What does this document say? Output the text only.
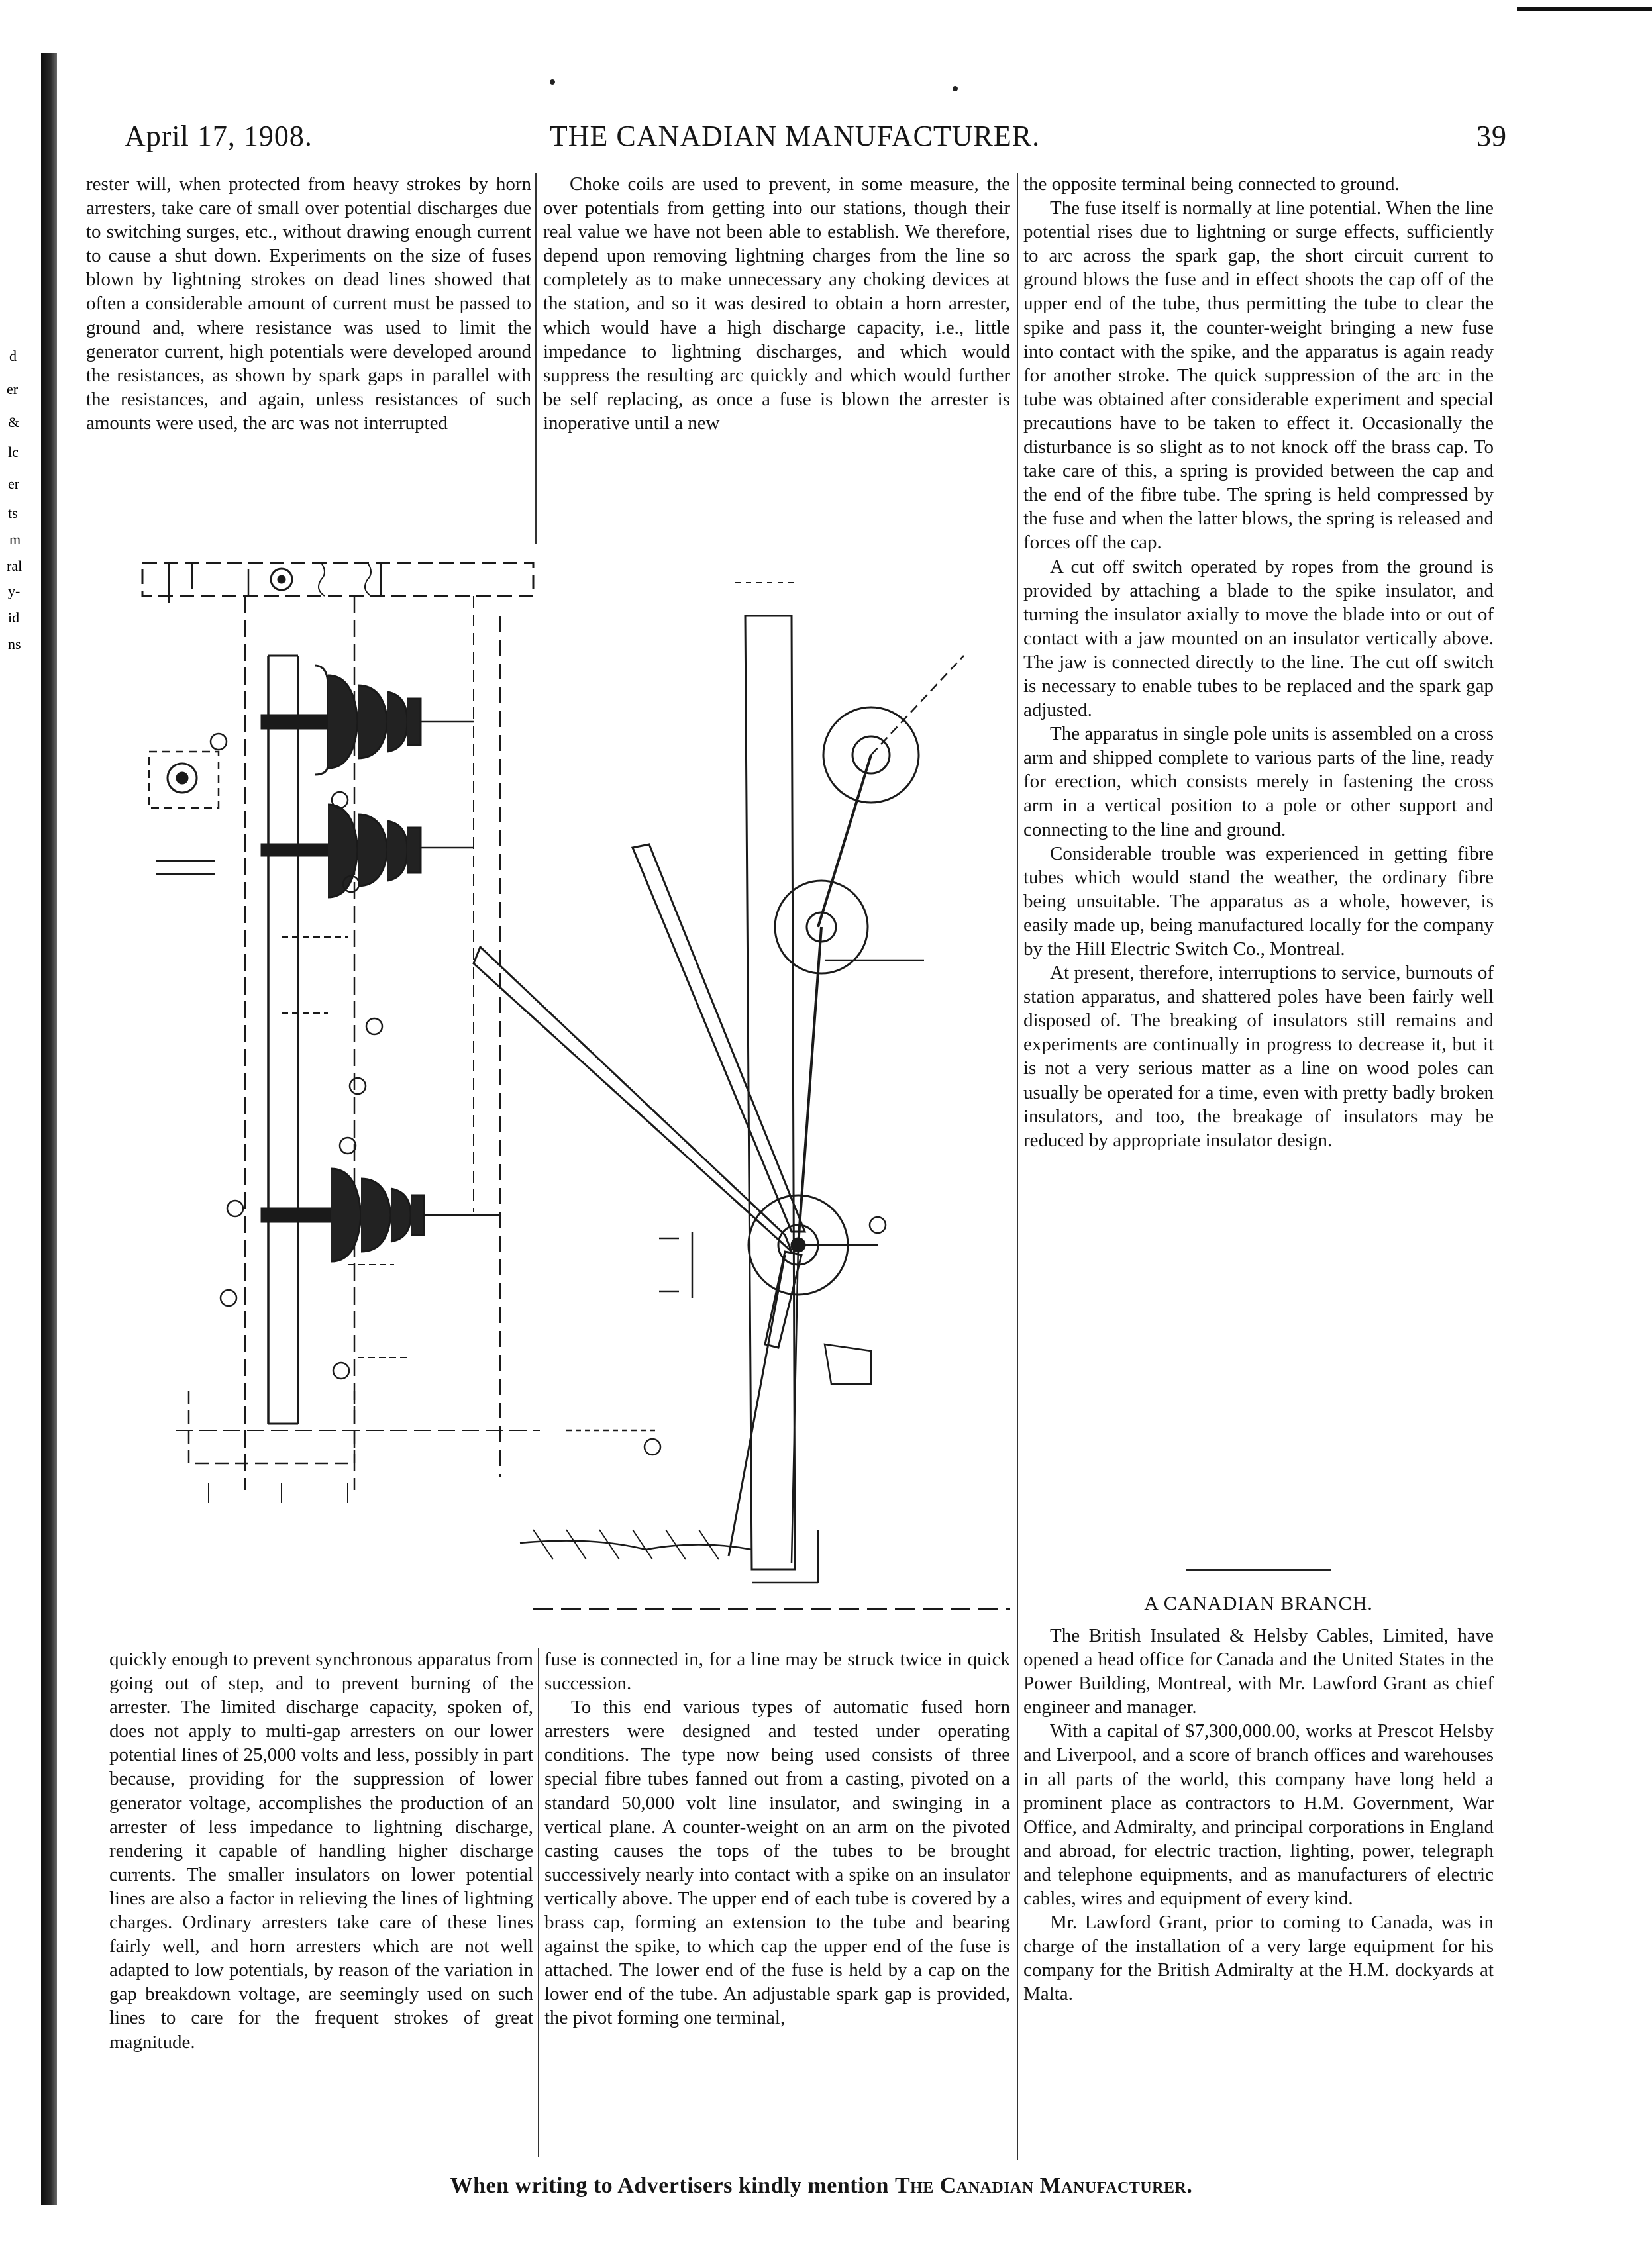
d
er
&
lc
er
ts
m
ral
y-
id
ns
April 17, 1908.	THE CANADIAN MANUFACTURER.	39

rester will, when protected from heavy strokes by horn arresters, take care of small over potential discharges due to switching surges, etc., without drawing enough current to cause a shut down. Experiments on the size of fuses blown by lightning strokes on dead lines showed that often a considerable amount of current must be passed to ground and, where resistance was used to limit the generator current, high potentials were developed around the resistances, as shown by spark gaps in parallel with the resistances, and again, unless resistances of such amounts were used, the arc was not interrupted

Choke coils are used to prevent, in some measure, the over potentials from getting into our stations, though their real value we have not been able to establish. We therefore, depend upon removing lightning charges from the line so completely as to make unnecessary any choking devices at the station, and so it was desired to obtain a horn arrester, which would have a high discharge capacity, i.e., little impedance to lightning discharges, and which would suppress the resulting arc quickly and which would further be self replacing, as once a fuse is blown the arrester is inoperative until a new

the opposite terminal being connected to ground.

The fuse itself is normally at line potential. When the line potential rises due to lightning or surge effects, sufficiently to arc across the spark gap, the short circuit current to ground blows the fuse and in effect shoots the cap off of the upper end of the tube, thus permitting the tube to clear the spike and pass it, the counter-weight bringing a new fuse into contact with the spike, and the apparatus is again ready for another stroke. The quick suppression of the arc in the tube was obtained after considerable experiment and special precautions have to be taken to effect it. Occasionally the disturbance is so slight as to not knock off the brass cap. To take care of this, a spring is provided between the cap and the end of the fibre tube. The spring is held compressed by the fuse and when the latter blows, the spring is released and forces off the cap.

A cut off switch operated by ropes from the ground is provided by attaching a blade to the spike insulator, and turning the insulator axially to move the blade into or out of contact with a jaw mounted on an insulator vertically above. The jaw is connected directly to the line. The cut off switch is necessary to enable tubes to be replaced and the spark gap adjusted.

The apparatus in single pole units is assembled on a cross arm and shipped complete to various parts of the line, ready for erection, which consists merely in fastening the cross arm in a vertical position to a pole or other support and connecting to the line and ground.

Considerable trouble was experienced in getting fibre tubes which would stand the weather, the ordinary fibre being unsuitable. The apparatus as a whole, however, is easily made up, being manufactured locally for the company by the Hill Electric Switch Co., Montreal.

At present, therefore, interruptions to service, burnouts of station apparatus, and shattered poles have been fairly well disposed of. The breaking of insulators still remains and experiments are continually in progress to decrease it, but it is not a very serious matter as a line on wood poles can usually be operated for a time, even with pretty badly broken insulators, and too, the breakage of insulators may be reduced by appropriate insulator design.

A CANADIAN BRANCH.

The British Insulated & Helsby Cables, Limited, have opened a head office for Canada and the United States in the Power Building, Montreal, with Mr. Lawford Grant as chief engineer and manager.

With a capital of $7,300,000.00, works at Prescot Helsby and Liverpool, and a score of branch offices and warehouses in all parts of the world, this company have long held a prominent place as contractors to H.M. Government, War Office, and Admiralty, and principal corporations in England and abroad, for electric traction, lighting, power, telegraph and telephone equipments, and as manufacturers of electric cables, wires and equipment of every kind.

Mr. Lawford Grant, prior to coming to Canada, was in charge of the installation of a very large equipment for his company for the British Admiralty at the H.M. dockyards at Malta.

quickly enough to prevent synchronous apparatus from going out of step, and to prevent burning of the arrester. The limited discharge capacity, spoken of, does not apply to multi-gap arresters on our lower potential lines of 25,000 volts and less, possibly in part because, providing for the suppression of lower generator voltage, accomplishes the production of an arrester of less impedance to lightning discharge, rendering it capable of handling higher discharge currents. The smaller insulators on lower potential lines are also a factor in relieving the lines of lightning charges. Ordinary arresters take care of these lines fairly well, and horn arresters which are not well adapted to low potentials, by reason of the variation in gap breakdown voltage, are seemingly used on such lines to care for the frequent strokes of great magnitude.

fuse is connected in, for a line may be struck twice in quick succession.

To this end various types of automatic fused horn arresters were designed and tested under operating conditions. The type now being used consists of three special fibre tubes fanned out from a casting, pivoted on a standard 50,000 volt line insulator, and swinging in a vertical plane. A counter-weight on an arm on the pivoted casting causes the tops of the tubes to be brought successively nearly into contact with a spike on an insulator vertically above. The upper end of each tube is covered by a brass cap, forming an extension to the tube and bearing against the spike, to which cap the upper end of the fuse is attached. The lower end of the fuse is held by a cap on the lower end of the tube. An adjustable spark gap is provided, the pivot forming one terminal,

When writing to Advertisers kindly mention The Canadian Manufacturer.
